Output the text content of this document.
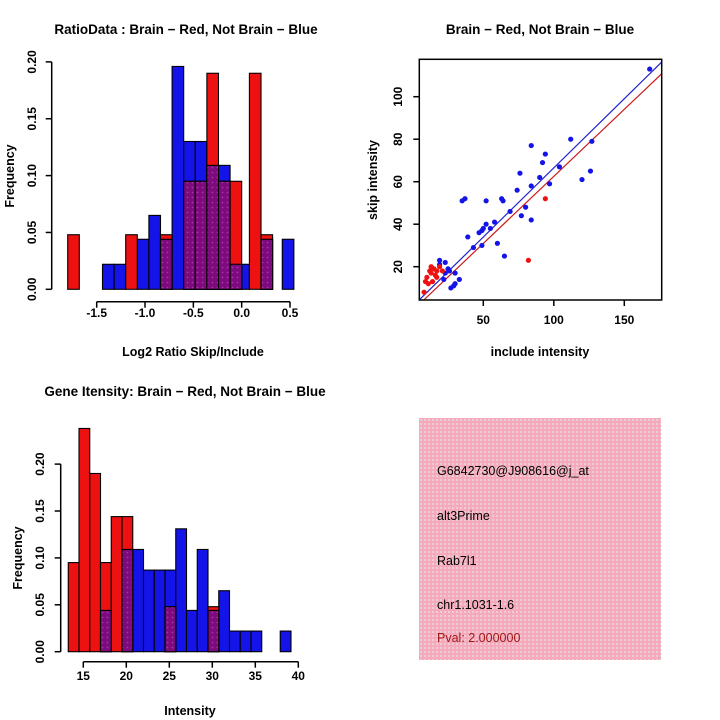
RatioData : Brain − Red, Not Brain − Blue
Log2 Ratio Skip/Include
Frequency
-1.5 -1.0 -0.5 0.0	0.5
0.00
0.05
0.10
0.15
0.20
Brain − Red, Not Brain − Blue
include intensity
skip intensity
50	100	150
20
40
60
80
100
Gene Itensity: Brain − Red, Not Brain − Blue
Intensity
Frequency
15 20 25 30 35 40
0.00
0.05
0.10
0.15
0.20	G6842730@J908616@j_at
alt3Prime
Rab7l1
chr1.1031-1.6
Pval: 2.000000
